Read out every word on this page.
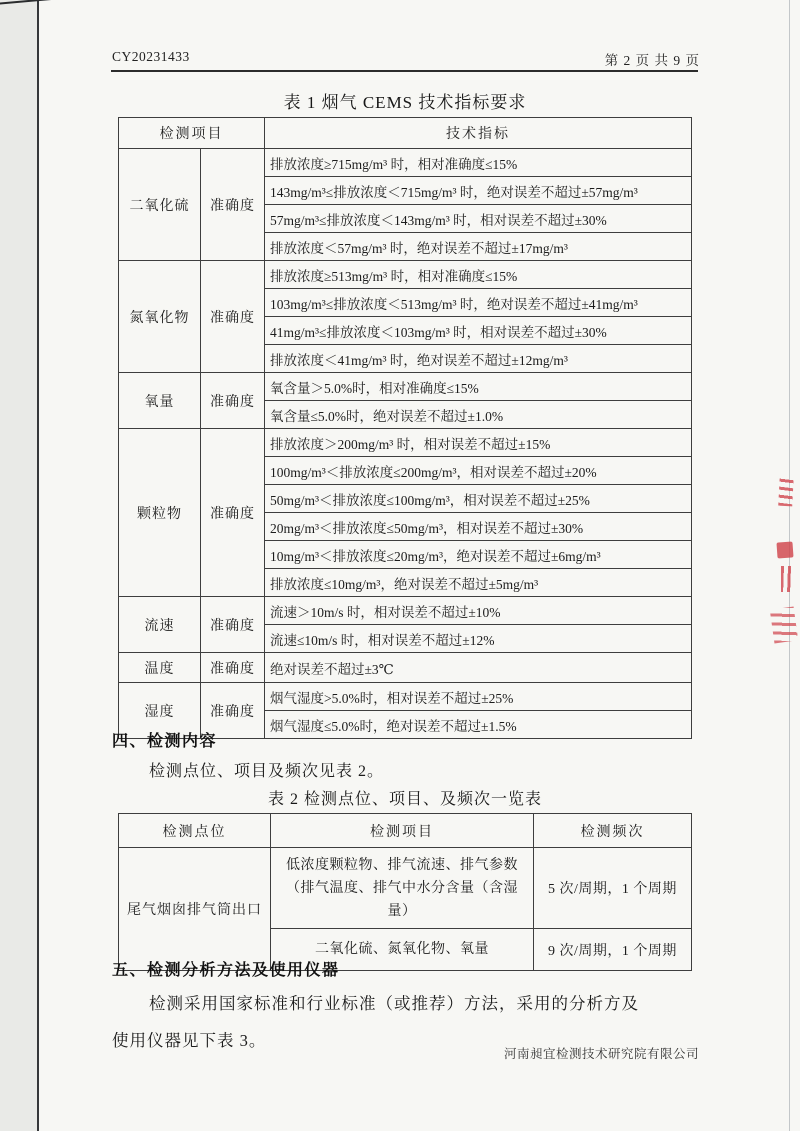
CY20231433	第 2 页 共 9 页
表 1 烟气 CEMS 技术指标要求
检测项目		技术指标
二氧化硫	准确度	排放浓度≥715mg/m³ 时，相对准确度≤15%
		143mg/m³≤排放浓度＜715mg/m³ 时，绝对误差不超过±57mg/m³
		57mg/m³≤排放浓度＜143mg/m³ 时，相对误差不超过±30%
		排放浓度＜57mg/m³ 时，绝对误差不超过±17mg/m³
氮氧化物	准确度	排放浓度≥513mg/m³ 时，相对准确度≤15%
		103mg/m³≤排放浓度＜513mg/m³ 时，绝对误差不超过±41mg/m³
		41mg/m³≤排放浓度＜103mg/m³ 时，相对误差不超过±30%
		排放浓度＜41mg/m³ 时，绝对误差不超过±12mg/m³
氧量	准确度	氧含量＞5.0%时，相对准确度≤15%
		氧含量≤5.0%时，绝对误差不超过±1.0%
颗粒物	准确度	排放浓度＞200mg/m³ 时，相对误差不超过±15%
		100mg/m³＜排放浓度≤200mg/m³，相对误差不超过±20%
		50mg/m³＜排放浓度≤100mg/m³，相对误差不超过±25%
		20mg/m³＜排放浓度≤50mg/m³，相对误差不超过±30%
		10mg/m³＜排放浓度≤20mg/m³，绝对误差不超过±6mg/m³
		排放浓度≤10mg/m³，绝对误差不超过±5mg/m³
流速	准确度	流速＞10m/s 时，相对误差不超过±10%
		流速≤10m/s 时，相对误差不超过±12%
温度	准确度	绝对误差不超过±3℃
湿度	准确度	烟气湿度>5.0%时，相对误差不超过±25%
		烟气湿度≤5.0%时，绝对误差不超过±1.5%
四、检测内容
检测点位、项目及频次见表 2。
表 2 检测点位、项目、及频次一览表
检测点位	检测项目	检测频次
尾气烟囱排气筒出口	低浓度颗粒物、排气流速、排气参数（排气温度、排气中水分含量（含湿量）	5 次/周期，1 个周期
	二氧化硫、氮氧化物、氧量	9 次/周期，1 个周期
五、检测分析方法及使用仪器
检测采用国家标准和行业标准（或推荐）方法，采用的分析方及
使用仪器见下表 3。
河南昶宜检测技术研究院有限公司
